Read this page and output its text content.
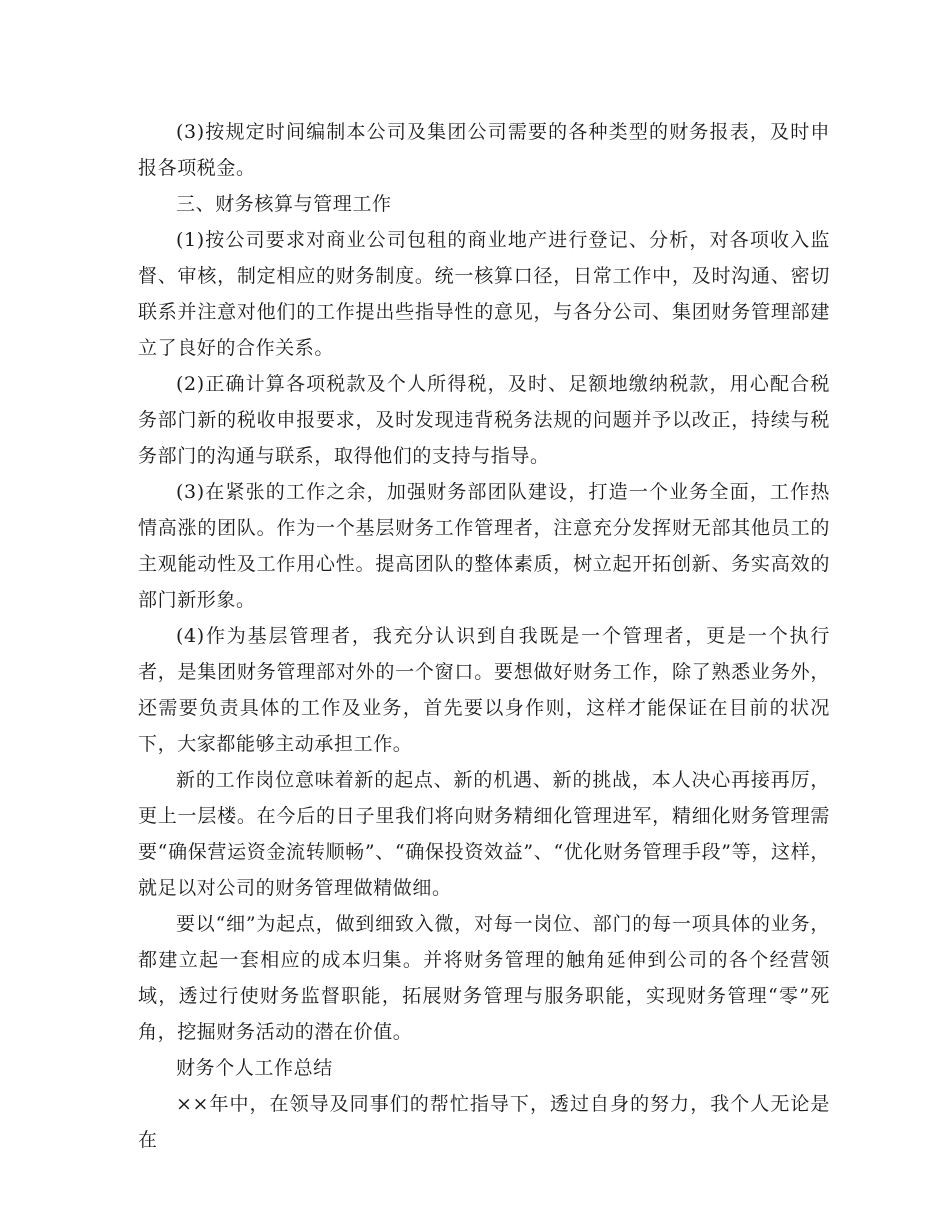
(3)按规定时间编制本公司及集团公司需要的各种类型的财务报表，及时申报各项税金。

三、财务核算与管理工作

(1)按公司要求对商业公司包租的商业地产进行登记、分析，对各项收入监督、审核，制定相应的财务制度。统一核算口径，日常工作中，及时沟通、密切联系并注意对他们的工作提出些指导性的意见，与各分公司、集团财务管理部建立了良好的合作关系。

(2)正确计算各项税款及个人所得税，及时、足额地缴纳税款，用心配合税务部门新的税收申报要求，及时发现违背税务法规的问题并予以改正，持续与税务部门的沟通与联系，取得他们的支持与指导。

(3)在紧张的工作之余，加强财务部团队建设，打造一个业务全面，工作热情高涨的团队。作为一个基层财务工作管理者，注意充分发挥财无部其他员工的主观能动性及工作用心性。提高团队的整体素质，树立起开拓创新、务实高效的部门新形象。

(4)作为基层管理者，我充分认识到自我既是一个管理者，更是一个执行者，是集团财务管理部对外的一个窗口。要想做好财务工作，除了熟悉业务外，还需要负责具体的工作及业务，首先要以身作则，这样才能保证在目前的状况下，大家都能够主动承担工作。

新的工作岗位意味着新的起点、新的机遇、新的挑战，本人决心再接再厉，更上一层楼。在今后的日子里我们将向财务精细化管理进军，精细化财务管理需要“确保营运资金流转顺畅”、“确保投资效益”、“优化财务管理手段”等，这样，就足以对公司的财务管理做精做细。

要以“细”为起点，做到细致入微，对每一岗位、部门的每一项具体的业务，都建立起一套相应的成本归集。并将财务管理的触角延伸到公司的各个经营领域，透过行使财务监督职能，拓展财务管理与服务职能，实现财务管理“零”死角，挖掘财务活动的潜在价值。

财务个人工作总结

××年中，在领导及同事们的帮忙指导下，透过自身的努力，我个人无论是在
